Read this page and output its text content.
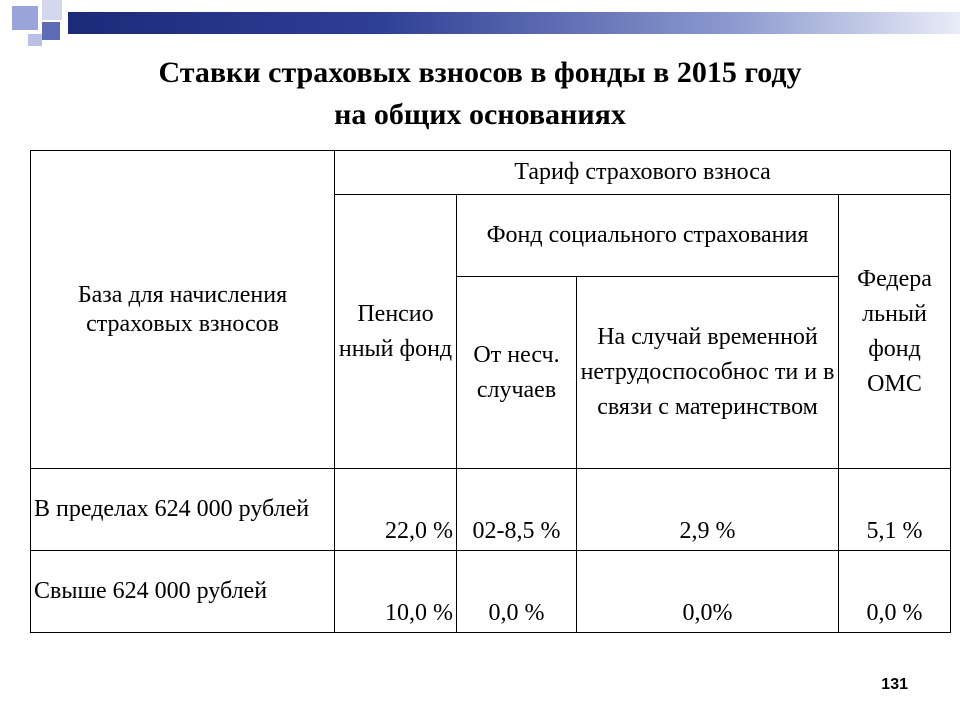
Ставки страховых взносов в фонды в 2015 году
на общих основаниях
База для начисления страховых взносов	Тариф страхового взноса			
	Пенсио нный фонд	Фонд социального страхования		Федера льный фонд ОМС
		От несч. случаев	На случай временной нетрудоспособнос ти и в связи с материнством	
В пределах 624 000 рублей	22,0 %	02-8,5 %	2,9 %	5,1 %
Свыше 624 000 рублей	10,0 %	0,0 %	0,0%	0,0 %
131
